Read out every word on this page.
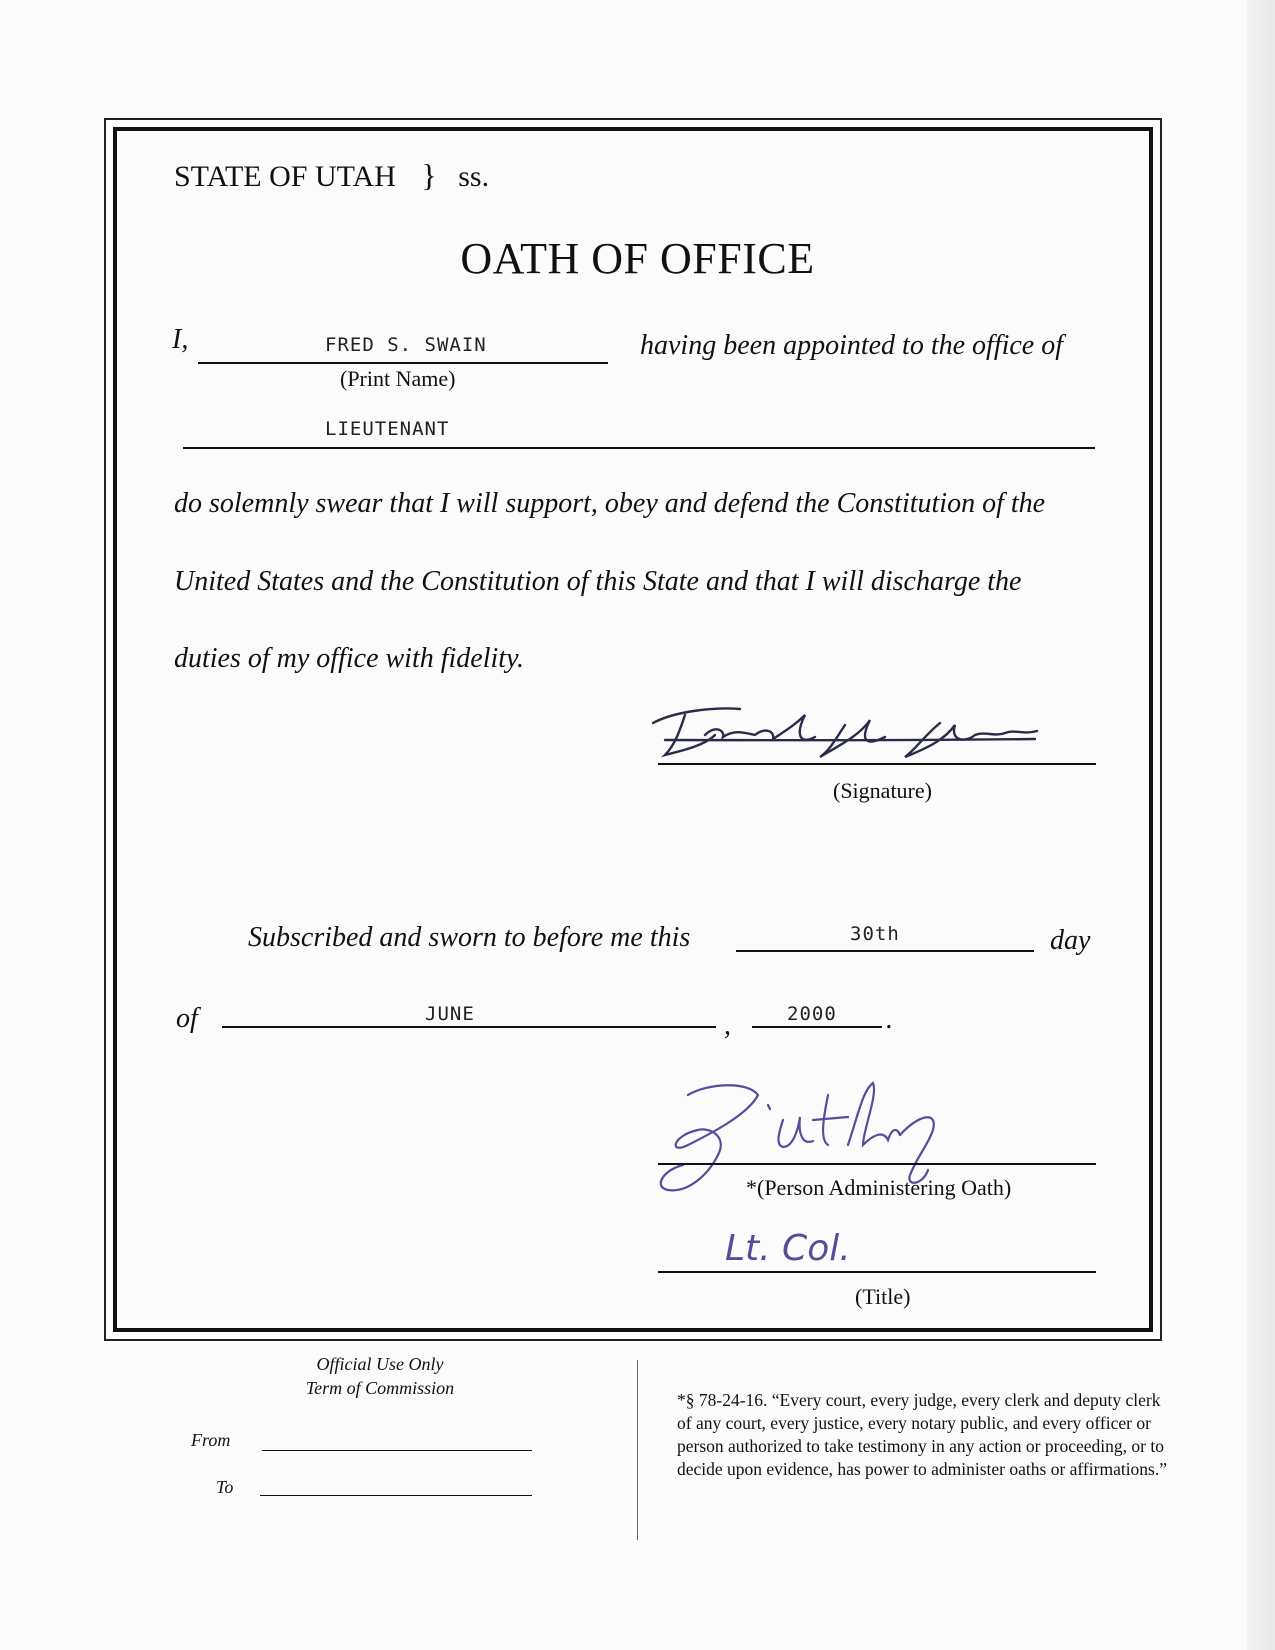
STATE OF UTAH } ss.
OATH OF OFFICE
I,	FRED S. SWAIN
(Print Name)
having been appointed to the office of
LIEUTENANT
do solemnly swear that I will support, obey and defend the Constitution of the
United States and the Constitution of this State and that I will discharge the
duties of my office with fidelity.
(Signature)
Subscribed and sworn to before me this	30th	day
of	JUNE	,	2000 .
*(Person Administering Oath)
Lt. Col.
(Title)
Official Use Only
Term of Commission
From
To
*§ 78-24-16. “Every court, every judge, every clerk and deputy clerk of any court, every justice, every notary public, and every officer or person authorized to take testimony in any action or proceeding, or to decide upon evidence, has power to administer oaths or affirmations.”
